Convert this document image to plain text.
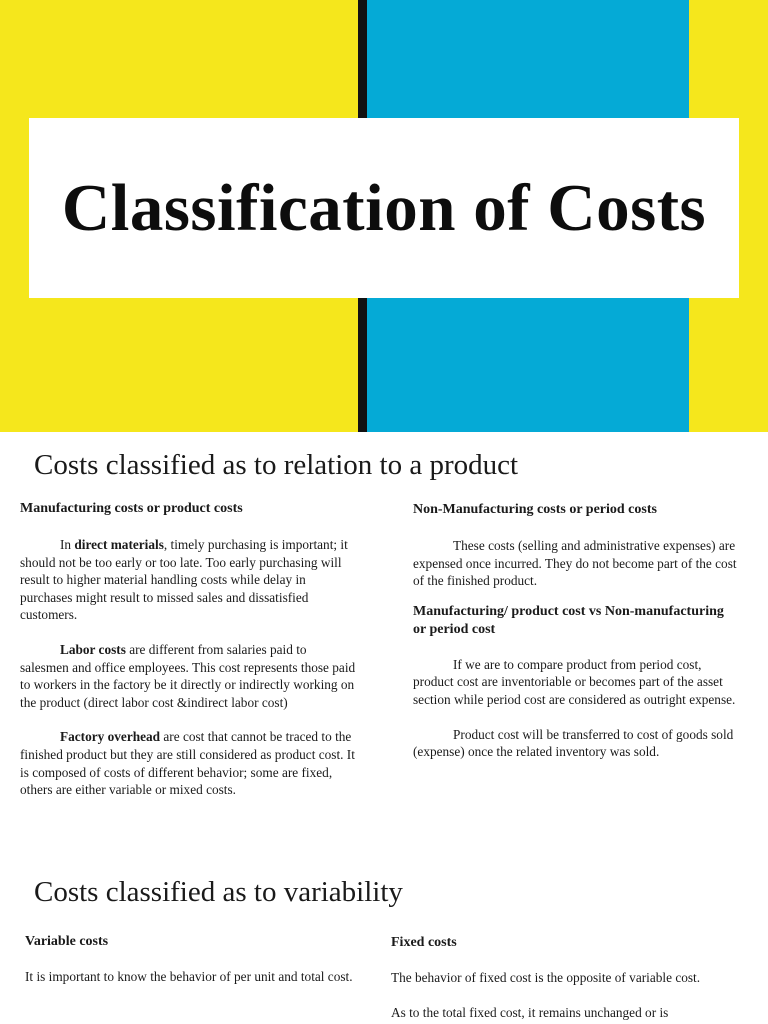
Classification of Costs
Costs classified as to relation to a product
Manufacturing costs or product costs

In direct materials, timely purchasing is important; it should not be too early or too late. Too early purchasing will result to higher material handling costs while delay in purchases might result to missed sales and dissatisfied customers.

Labor costs are different from salaries paid to salesmen and office employees. This cost represents those paid to workers in the factory be it directly or indirectly working on the product (direct labor cost &indirect labor cost)

Factory overhead are cost that cannot be traced to the finished product but they are still considered as product cost. It is composed of costs of different behavior; some are fixed, others are either variable or mixed costs.

Non-Manufacturing costs or period costs

These costs (selling and administrative expenses) are expensed once incurred. They do not become part of the cost of the finished product.

Manufacturing/ product cost vs Non-manufacturing or period cost

If we are to compare product from period cost, product cost are inventoriable or becomes part of the asset section while period cost are considered as outright expense.

Product cost will be transferred to cost of goods sold (expense) once the related inventory was sold.

Costs classified as to variability
Variable costs

It is important to know the behavior of per unit and total cost.

Fixed costs

The behavior of fixed cost is the opposite of variable cost.

As to the total fixed cost, it remains unchanged or is
